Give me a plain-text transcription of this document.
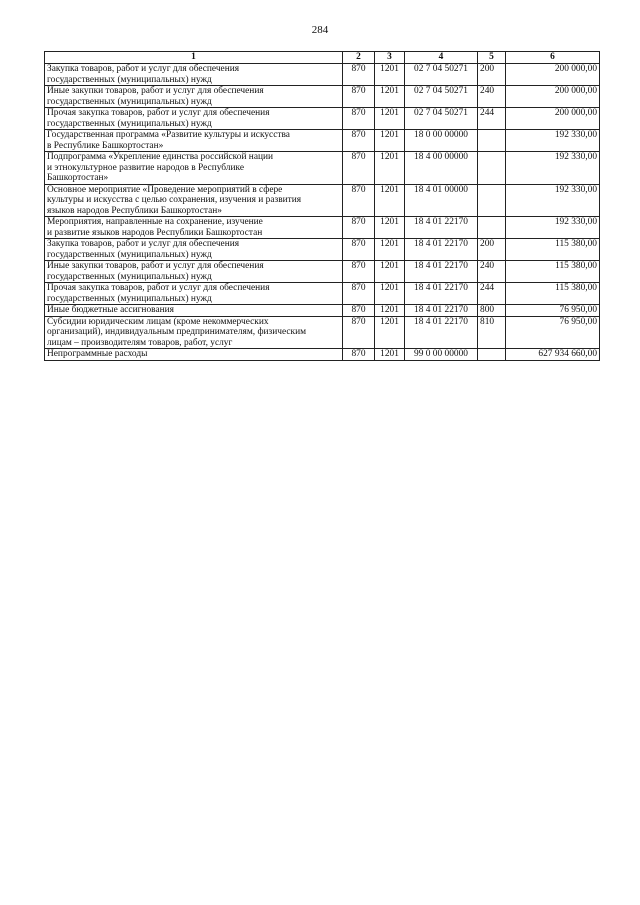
284
1	2	3	4	5	6

Закупка товаров, работ и услуг для обеспечения
государственных (муниципальных) нужд	870	1201	02 7 04 50271	200	200 000,00

Иные закупки товаров, работ и услуг для обеспечения
государственных (муниципальных) нужд	870	1201	02 7 04 50271	240	200 000,00

Прочая закупка товаров, работ и услуг для обеспечения
государственных (муниципальных) нужд	870	1201	02 7 04 50271	244	200 000,00

Государственная программа «Развитие культуры и искусства
в Республике Башкортостан»	870	1201	18 0 00 00000		192 330,00

Подпрограмма «Укрепление единства российской нации
и этнокультурное развитие народов в Республике
Башкортостан»	870	1201	18 4 00 00000		192 330,00

Основное мероприятие «Проведение мероприятий в сфере
культуры и искусства с целью сохранения, изучения и развития
языков народов Республики Башкортостан»	870	1201	18 4 01 00000		192 330,00

Мероприятия, направленные на сохранение, изучение
и развитие языков народов Республики Башкортостан	870	1201	18 4 01 22170		192 330,00

Закупка товаров, работ и услуг для обеспечения
государственных (муниципальных) нужд	870	1201	18 4 01 22170	200	115 380,00

Иные закупки товаров, работ и услуг для обеспечения
государственных (муниципальных) нужд	870	1201	18 4 01 22170	240	115 380,00

Прочая закупка товаров, работ и услуг для обеспечения
государственных (муниципальных) нужд	870	1201	18 4 01 22170	244	115 380,00

Иные бюджетные ассигнования	870	1201	18 4 01 22170	800	76 950,00

Субсидии юридическим лицам (кроме некоммерческих
организаций), индивидуальным предпринимателям, физическим
лицам – производителям товаров, работ, услуг	870	1201	18 4 01 22170	810	76 950,00

Непрограммные расходы	870	1201	99 0 00 00000		627 934 660,00
